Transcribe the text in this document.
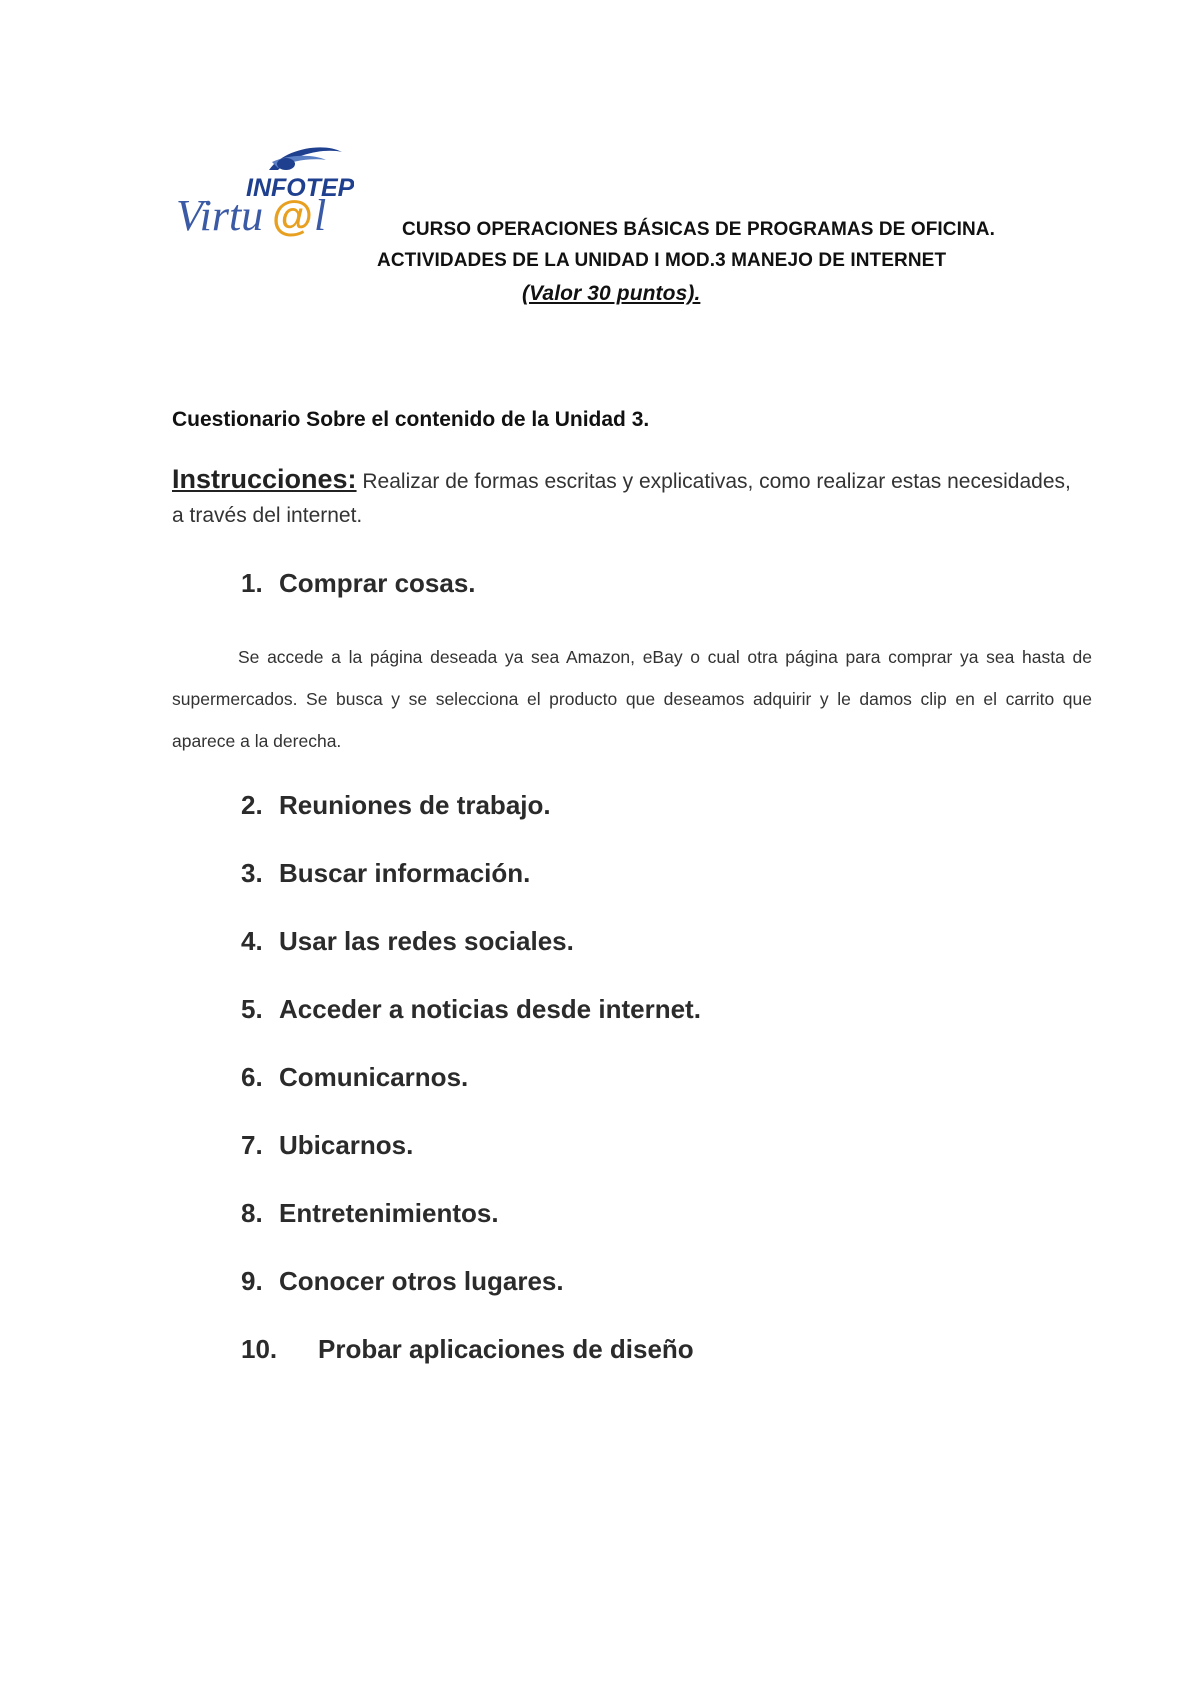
INFOTEP
Virtu @ l	CURSO OPERACIONES BÁSICAS DE PROGRAMAS DE OFICINA.
ACTIVIDADES DE LA UNIDAD I MOD.3 MANEJO DE INTERNET
(Valor 30 puntos).
Cuestionario Sobre el contenido de la Unidad 3.
Instrucciones: Realizar de formas escritas y explicativas, como realizar estas necesidades, a través del internet.
1. Comprar cosas.
Se accede a la página deseada ya sea Amazon, eBay o cual otra página para comprar ya sea hasta de supermercados. Se busca y se selecciona el producto que deseamos adquirir y le damos clip en el carrito que aparece a la derecha.
2. Reuniones de trabajo.
3. Buscar información.
4. Usar las redes sociales.
5. Acceder a noticias desde internet.
6. Comunicarnos.
7. Ubicarnos.
8. Entretenimientos.
9. Conocer otros lugares.
10. Probar aplicaciones de diseño
